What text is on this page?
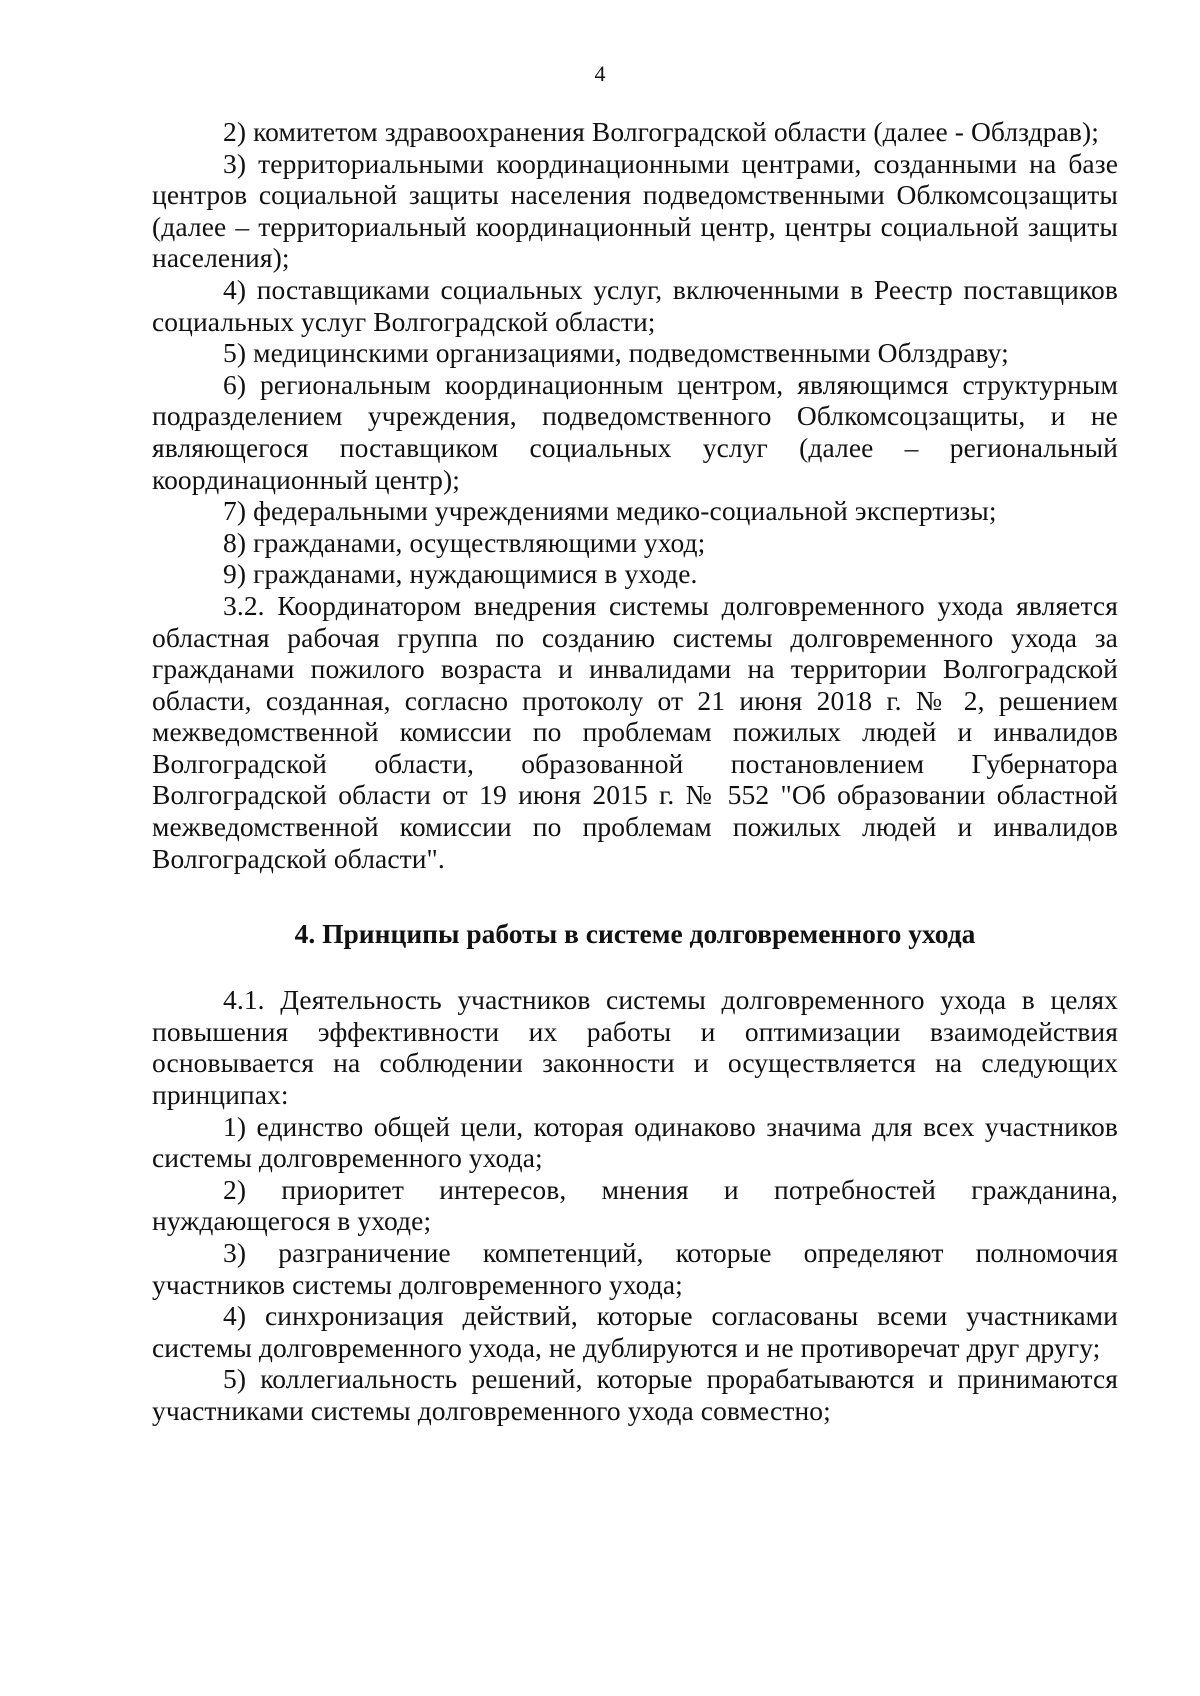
4

2) комитетом здравоохранения Волгоградской области (далее - Облздрав);

3) территориальными координационными центрами, созданными на базе центров социальной защиты населения подведомственными Облкомсоцзащиты (далее – территориальный координационный центр, центры социальной защиты населения);

4) поставщиками социальных услуг, включенными в Реестр поставщиков социальных услуг Волгоградской области;

5) медицинскими организациями, подведомственными Облздраву;

6) региональным координационным центром, являющимся структурным подразделением учреждения, подведомственного Облкомсоцзащиты, и не являющегося поставщиком социальных услуг (далее – региональный координационный центр);

7) федеральными учреждениями медико-социальной экспертизы;

8) гражданами, осуществляющими уход;

9) гражданами, нуждающимися в уходе.

3.2. Координатором внедрения системы долговременного ухода является областная рабочая группа по созданию системы долговременного ухода за гражданами пожилого возраста и инвалидами на территории Волгоградской области, созданная, согласно протоколу от 21 июня 2018 г. № 2, решением межведомственной комиссии по проблемам пожилых людей и инвалидов Волгоградской области, образованной постановлением Губернатора Волгоградской области от 19 июня 2015 г. № 552 "Об образовании областной межведомственной комиссии по проблемам пожилых людей и инвалидов Волгоградской области".

4. Принципы работы в системе долговременного ухода

4.1. Деятельность участников системы долговременного ухода в целях повышения эффективности их работы и оптимизации взаимодействия основывается на соблюдении законности и осуществляется на следующих принципах:

1) единство общей цели, которая одинаково значима для всех участников системы долговременного ухода;

2) приоритет интересов, мнения и потребностей гражданина, нуждающегося в уходе;

3) разграничение компетенций, которые определяют полномочия участников системы долговременного ухода;

4) синхронизация действий, которые согласованы всеми участниками системы долговременного ухода, не дублируются и не противоречат друг другу;

5) коллегиальность решений, которые прорабатываются и принимаются участниками системы долговременного ухода совместно;
